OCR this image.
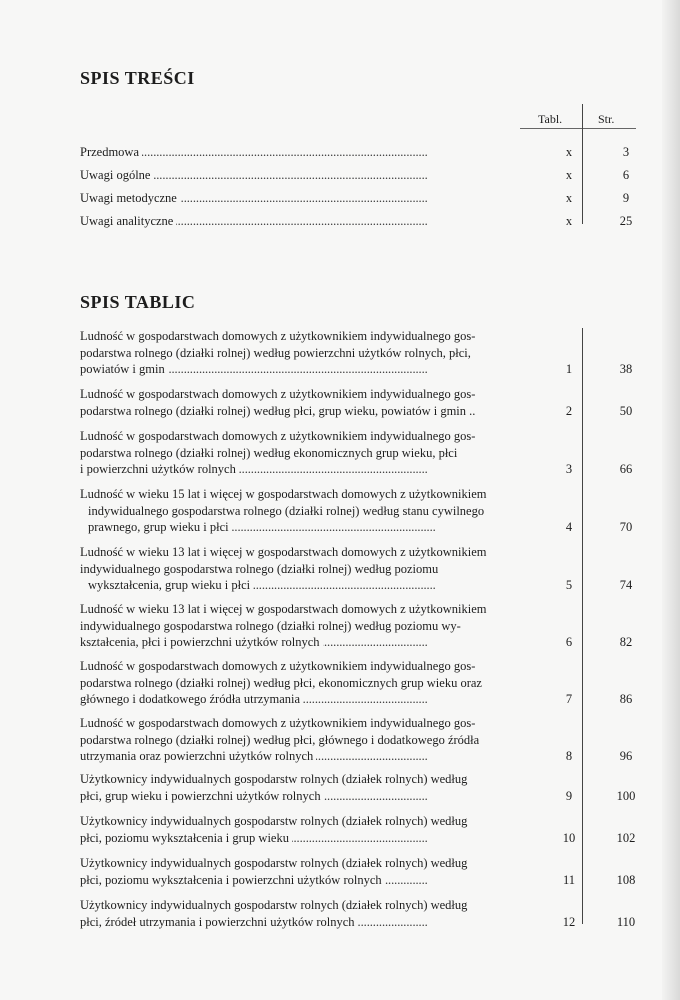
SPIS TREŚCI
Tabl.	Str.
Przedmowa . . .	x	3
Uwagi ogólne . . .	x	6
Uwagi metodyczne . . .	x	9
Uwagi analityczne . . .	x	25
SPIS TABLIC
Ludność w gospodarstwach domowych z użytkownikiem indywidualnego gos-
podarstwa rolnego (działki rolnej) według powierzchni użytków rolnych, płci,
powiatów i gmin . . .	1	38
Ludność w gospodarstwach domowych z użytkownikiem indywidualnego gos-
podarstwa rolnego (działki rolnej) według płci, grup wieku, powiatów i gmin .. . . .	2	50
Ludność w gospodarstwach domowych z użytkownikiem indywidualnego gos-
podarstwa rolnego (działki rolnej) według ekonomicznych grup wieku, płci
i powierzchni użytków rolnych . . .	3	66
Ludność w wieku 15 lat i więcej w gospodarstwach domowych z użytkownikiem
indywidualnego gospodarstwa rolnego (działki rolnej) według stanu cywilnego
prawnego, grup wieku i płci . . .	4	70
Ludność w wieku 13 lat i więcej w gospodarstwach domowych z użytkownikiem
indywidualnego gospodarstwa rolnego (działki rolnej) według poziomu
wykształcenia, grup wieku i płci . . .	5	74
Ludność w wieku 13 lat i więcej w gospodarstwach domowych z użytkownikiem
indywidualnego gospodarstwa rolnego (działki rolnej) według poziomu wy-
kształcenia, płci i powierzchni użytków rolnych . . .	6	82
Ludność w gospodarstwach domowych z użytkownikiem indywidualnego gos-
podarstwa rolnego (działki rolnej) według płci, ekonomicznych grup wieku oraz
głównego i dodatkowego źródła utrzymania . . .	7	86
Ludność w gospodarstwach domowych z użytkownikiem indywidualnego gos-
podarstwa rolnego (działki rolnej) według płci, głównego i dodatkowego źródła
utrzymania oraz powierzchni użytków rolnych . . .	8	96
Użytkownicy indywidualnych gospodarstw rolnych (działek rolnych) według
płci, grup wieku i powierzchni użytków rolnych . . .	9	100
Użytkownicy indywidualnych gospodarstw rolnych (działek rolnych) według
płci, poziomu wykształcenia i grup wieku . . .	10	102
Użytkownicy indywidualnych gospodarstw rolnych (działek rolnych) według
płci, poziomu wykształcenia i powierzchni użytków rolnych . . .	11	108
Użytkownicy indywidualnych gospodarstw rolnych (działek rolnych) według
płci, źródeł utrzymania i powierzchni użytków rolnych . . .	12	110
